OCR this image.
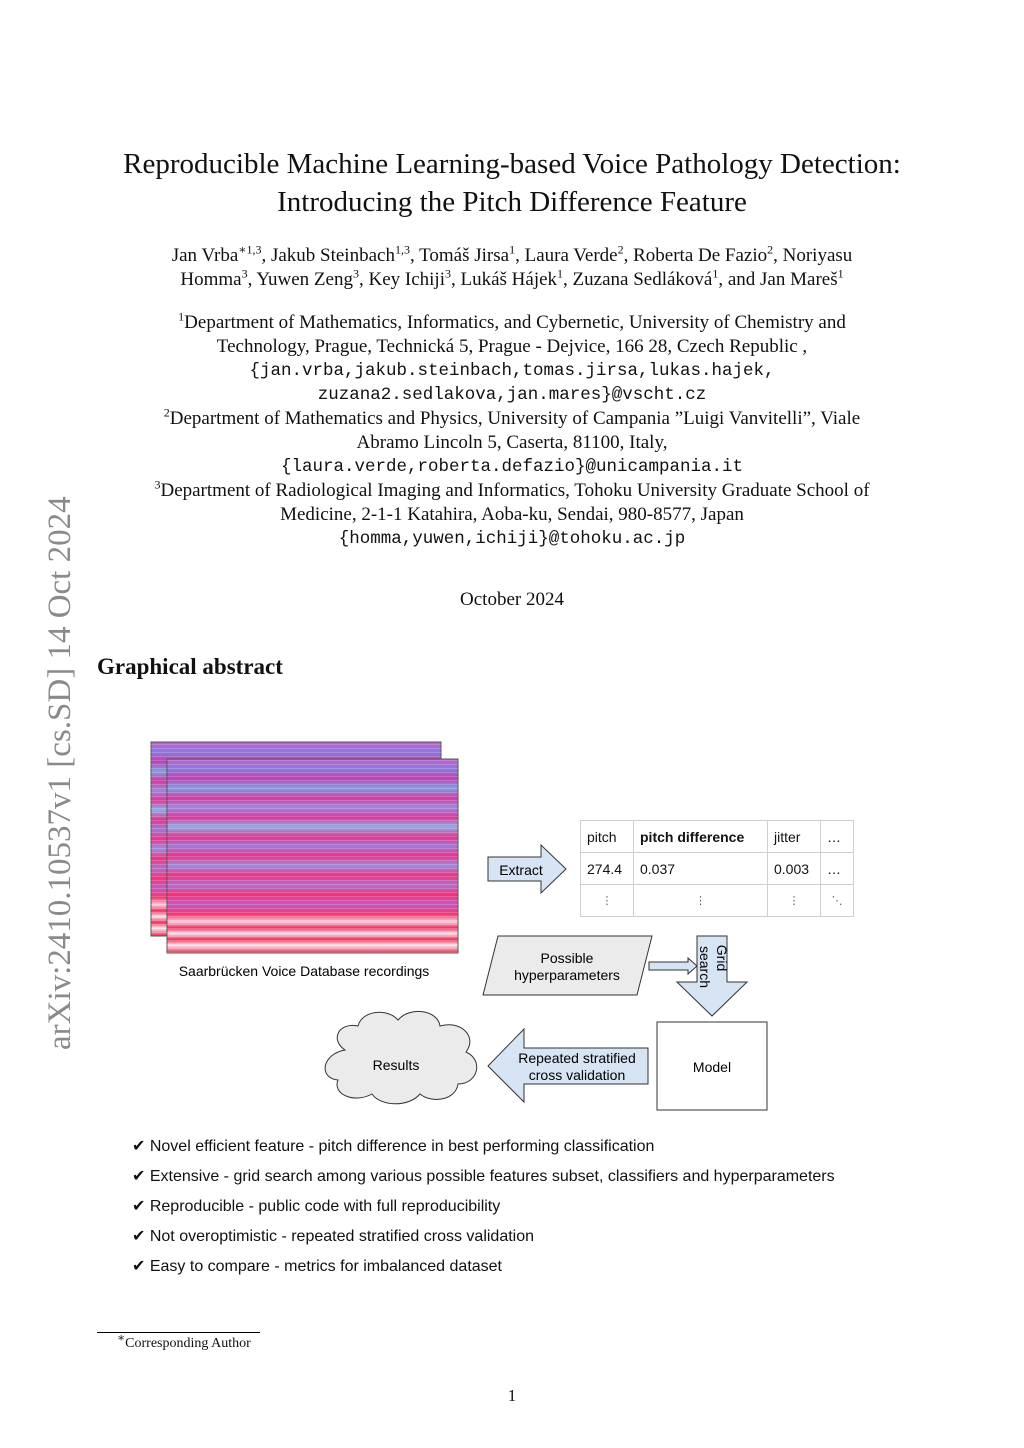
arXiv:2410.10537v1 [cs.SD] 14 Oct 2024
Reproducible Machine Learning-based Voice Pathology Detection:
Introducing the Pitch Difference Feature
Jan Vrba$^{∗1,3}$, Jakub Steinbach$^{1,3}$, Tomáš Jirsa$^1$, Laura Verde$^2$, Roberta De Fazio$^2$, Noriyasu
Homma$^3$, Yuwen Zeng$^3$, Key Ichiji$^3$, Lukáš Hájek$^1$, Zuzana Sedláková$^1$, and Jan Mareš$^1$
$^1$Department of Mathematics, Informatics, and Cybernetic, University of Chemistry and
Technology, Prague, Technická 5, Prague - Dejvice, 166 28, Czech Republic ,
{jan.vrba,jakub.steinbach,tomas.jirsa,lukas.hajek,
zuzana2.sedlakova,jan.mares}@vscht.cz
$^2$Department of Mathematics and Physics, University of Campania ”Luigi Vanvitelli”, Viale
Abramo Lincoln 5, Caserta, 81100, Italy,
{laura.verde,roberta.defazio}@unicampania.it
$^3$Department of Radiological Imaging and Informatics, Tohoku University Graduate School of
Medicine, 2-1-1 Katahira, Aoba-ku, Sendai, 980-8577, Japan
{homma,yuwen,ichiji}@tohoku.ac.jp
October 2024
Graphical abstract
Saarbrücken Voice Database recordings
Extract
Possible
hyperparameters
Grid
search
Model
Repeated stratified
cross validation
Results
pitch	pitch difference	jitter	…
274.4	0.037	0.003	…
⋮	⋮	⋮	⋱
✔ Novel efficient feature - pitch difference in best performing classification
✔ Extensive - grid search among various possible features subset, classifiers and hyperparameters
✔ Reproducible - public code with full reproducibility
✔ Not overoptimistic - repeated stratified cross validation
✔ Easy to compare - metrics for imbalanced dataset
∗Corresponding Author
1
